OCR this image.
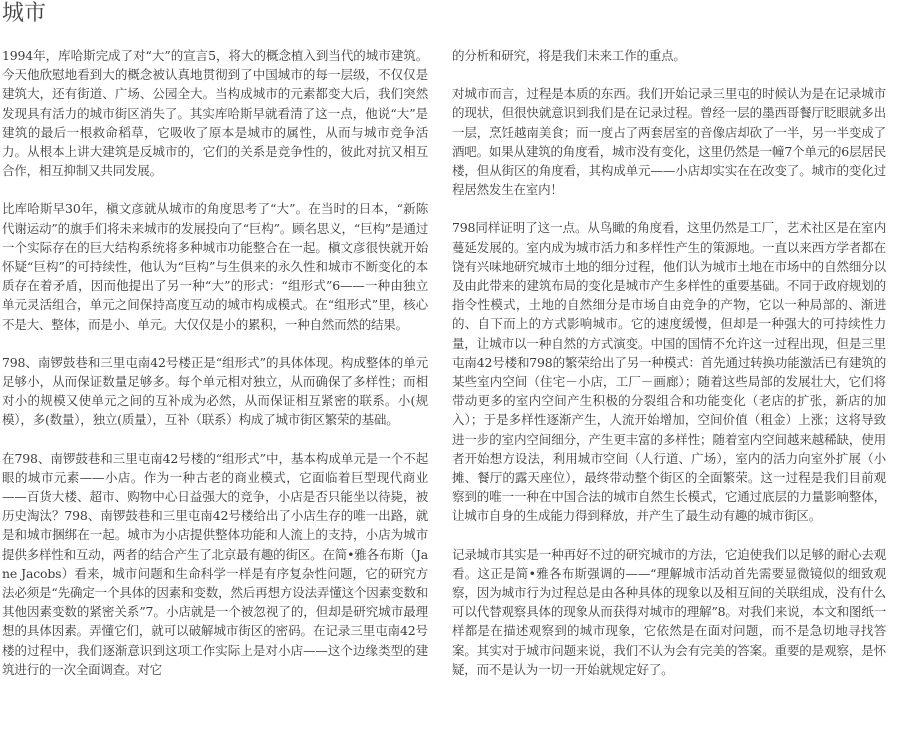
城市

1994年，库哈斯完成了对“大”的宣言5，将大的概念植入到当代的城市建筑。今天他欣慰地看到大的概念被认真地贯彻到了中国城市的每一层级，不仅仅是建筑大，还有街道、广场、公园全大。当构成城市的元素都变大后，我们突然发现具有活力的城市街区消失了。其实库哈斯早就看清了这一点，他说“大”是建筑的最后一根救命稻草，它吸收了原本是城市的属性，从而与城市竞争活力。从根本上讲大建筑是反城市的，它们的关系是竞争性的，彼此对抗又相互合作，相互抑制又共同发展。

比库哈斯早30年，槇文彦就从城市的角度思考了“大”。在当时的日本，“新陈代谢运动”的旗手们将未来城市的发展投向了“巨构”。顾名思义，“巨构”是通过一个实际存在的巨大结构系统将多种城市功能整合在一起。槇文彦很快就开始怀疑“巨构”的可持续性，他认为“巨构”与生俱来的永久性和城市不断变化的本质存在着矛盾，因而他提出了另一种“大”的形式：“组形式”6——一种由独立单元灵活组合，单元之间保持高度互动的城市构成模式。在“组形式”里，核心不是大、整体，而是小、单元。大仅仅是小的累积，一种自然而然的结果。

798、南锣鼓巷和三里屯南42号楼正是“组形式”的具体体现。构成整体的单元足够小，从而保证数量足够多。每个单元相对独立，从而确保了多样性；而相对小的规模又使单元之间的互补成为必然，从而保证相互紧密的联系。小(规模），多(数量），独立(质量），互补（联系）构成了城市街区繁荣的基础。

在798、南锣鼓巷和三里屯南42号楼的“组形式”中，基本构成单元是一个不起眼的城市元素——小店。作为一种古老的商业模式，它面临着巨型现代商业——百货大楼、超市、购物中心日益强大的竞争，小店是否只能坐以待毙，被历史淘汰？798、南锣鼓巷和三里屯南42号楼给出了小店生存的唯一出路，就是和城市捆绑在一起。城市为小店提供整体功能和人流上的支持，小店为城市提供多样性和互动，两者的结合产生了北京最有趣的街区。在简•雅各布斯（Jane Jacobs）看来，城市问题和生命科学一样是有序复杂性问题，它的研究方法必须是“先确定一个具体的因素和变数，然后再想方设法弄懂这个因素变数和其他因素变数的紧密关系”7。小店就是一个被忽视了的，但却是研究城市最理想的具体因素。弄懂它们，就可以破解城市街区的密码。在记录三里屯南42号楼的过程中，我们逐渐意识到这项工作实际上是对小店——这个边缘类型的建筑进行的一次全面调查。对它

的分析和研究，将是我们未来工作的重点。

对城市而言，过程是本质的东西。我们开始记录三里屯的时候认为是在记录城市的现状，但很快就意识到我们是在记录过程。曾经一层的墨西哥餐厅眨眼就多出一层，烹饪越南美食；而一度占了两套居室的音像店却砍了一半，另一半变成了酒吧。如果从建筑的角度看，城市没有变化，这里仍然是一幢7个单元的6层居民楼，但从街区的角度看，其构成单元——小店却实实在在改变了。城市的变化过程居然发生在室内！

798同样证明了这一点。从鸟瞰的角度看，这里仍然是工厂，艺术社区是在室内蔓延发展的。室内成为城市活力和多样性产生的策源地。一直以来西方学者都在饶有兴味地研究城市土地的细分过程，他们认为城市土地在市场中的自然细分以及由此带来的建筑布局的变化是城市产生多样性的重要基础。不同于政府规划的指令性模式，土地的自然细分是市场自由竞争的产物，它以一种局部的、渐进的、自下而上的方式影响城市。它的速度缓慢，但却是一种强大的可持续性力量，让城市以一种自然的方式演变。中国的国情不允许这一过程出现，但是三里屯南42号楼和798的繁荣给出了另一种模式：首先通过转换功能激活已有建筑的某些室内空间（住宅－小店，工厂－画廊）；随着这些局部的发展壮大，它们将带动更多的室内空间产生积极的分裂组合和功能变化（老店的扩张，新店的加入）；于是多样性逐渐产生，人流开始增加，空间价值（租金）上涨；这将导致进一步的室内空间细分，产生更丰富的多样性；随着室内空间越来越稀缺，使用者开始想方设法，利用城市空间（人行道、广场），室内的活力向室外扩展（小摊、餐厅的露天座位），最终带动整个街区的全面繁荣。这一过程是我们目前观察到的唯一一种在中国合法的城市自然生长模式，它通过底层的力量影响整体，让城市自身的生成能力得到释放，并产生了最生动有趣的城市街区。

记录城市其实是一种再好不过的研究城市的方法，它迫使我们以足够的耐心去观看。这正是简•雅各布斯强调的——“理解城市活动首先需要显微镜似的细致观察，因为城市行为过程总是由各种具体的现象以及相互间的关联组成，没有什么可以代替观察具体的现象从而获得对城市的理解”8。对我们来说，本文和图纸一样都是在描述观察到的城市现象，它依然是在面对问题，而不是急切地寻找答案。其实对于城市问题来说，我们不认为会有完美的答案。重要的是观察，是怀疑，而不是认为一切一开始就规定好了。
